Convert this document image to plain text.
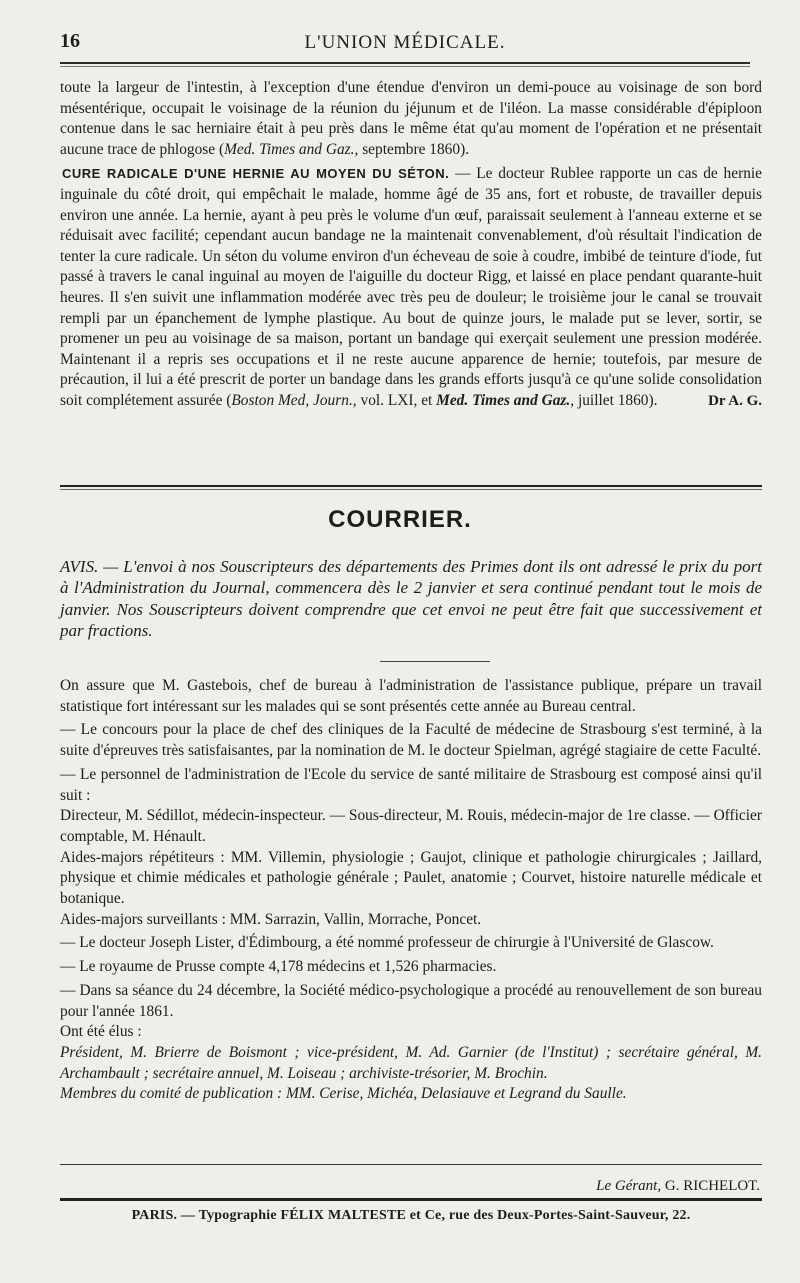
16	L'UNION MÉDICALE.

toute la largeur de l'intestin, à l'exception d'une étendue d'environ un demi-pouce au voisinage de son bord mésentérique, occupait le voisinage de la réunion du jéjunum et de l'iléon. La masse considérable d'épiploon contenue dans le sac herniaire était à peu près dans le même état qu'au moment de l'opération et ne présentait aucune trace de phlogose (Med. Times and Gaz., septembre 1860).

CURE RADICALE D'UNE HERNIE AU MOYEN DU SÉTON. — Le docteur Rublee rapporte un cas de hernie inguinale du côté droit, qui empêchait le malade, homme âgé de 35 ans, fort et robuste, de travailler depuis environ une année. La hernie, ayant à peu près le volume d'un œuf, paraissait seulement à l'anneau externe et se réduisait avec facilité; cependant aucun bandage ne la maintenait convenablement, d'où résultait l'indication de tenter la cure radicale. Un séton du volume environ d'un écheveau de soie à coudre, imbibé de teinture d'iode, fut passé à travers le canal inguinal au moyen de l'aiguille du docteur Rigg, et laissé en place pendant quarante-huit heures. Il s'en suivit une inflammation modérée avec très peu de douleur; le troisième jour le canal se trouvait rempli par un épanchement de lymphe plastique. Au bout de quinze jours, le malade put se lever, sortir, se promener un peu au voisinage de sa maison, portant un bandage qui exerçait seulement une pression modérée. Maintenant il a repris ses occupations et il ne reste aucune apparence de hernie; toutefois, par mesure de précaution, il lui a été prescrit de porter un bandage dans les grands efforts jusqu'à ce qu'une solide consolidation soit complétement assurée (Boston Med, Journ., vol. LXI, et Med. Times and Gaz., juillet 1860).	Dr A. G.

COURRIER.
AVIS. — L'envoi à nos Souscripteurs des départements des Primes dont ils ont adressé le prix du port à l'Administration du Journal, commencera dès le 2 janvier et sera continué pendant tout le mois de janvier. Nos Souscripteurs doivent comprendre que cet envoi ne peut être fait que successivement et par fractions.

On assure que M. Gastebois, chef de bureau à l'administration de l'assistance publique, prépare un travail statistique fort intéressant sur les malades qui se sont présentés cette année au Bureau central.

— Le concours pour la place de chef des cliniques de la Faculté de médecine de Strasbourg s'est terminé, à la suite d'épreuves très satisfaisantes, par la nomination de M. le docteur Spielman, agrégé stagiaire de cette Faculté.

— Le personnel de l'administration de l'Ecole du service de santé militaire de Strasbourg est composé ainsi qu'il suit :

Directeur, M. Sédillot, médecin-inspecteur. — Sous-directeur, M. Rouis, médecin-major de 1re classe. — Officier comptable, M. Hénault.

Aides-majors répétiteurs : MM. Villemin, physiologie ; Gaujot, clinique et pathologie chirurgicales ; Jaillard, physique et chimie médicales et pathologie générale ; Paulet, anatomie ; Courvet, histoire naturelle médicale et botanique.

Aides-majors surveillants : MM. Sarrazin, Vallin, Morrache, Poncet.

— Le docteur Joseph Lister, d'Édimbourg, a été nommé professeur de chirurgie à l'Université de Glascow.

— Le royaume de Prusse compte 4,178 médecins et 1,526 pharmacies.

— Dans sa séance du 24 décembre, la Société médico-psychologique a procédé au renouvellement de son bureau pour l'année 1861.

Ont été élus :

Président, M. Brierre de Boismont ; vice-président, M. Ad. Garnier (de l'Institut) ; secrétaire général, M. Archambault ; secrétaire annuel, M. Loiseau ; archiviste-trésorier, M. Brochin.

Membres du comité de publication : MM. Cerise, Michéa, Delasiauve et Legrand du Saulle.

Le Gérant, G. RICHELOT.
PARIS. — Typographie FÉLIX MALTESTE et Ce, rue des Deux-Portes-Saint-Sauveur, 22.
